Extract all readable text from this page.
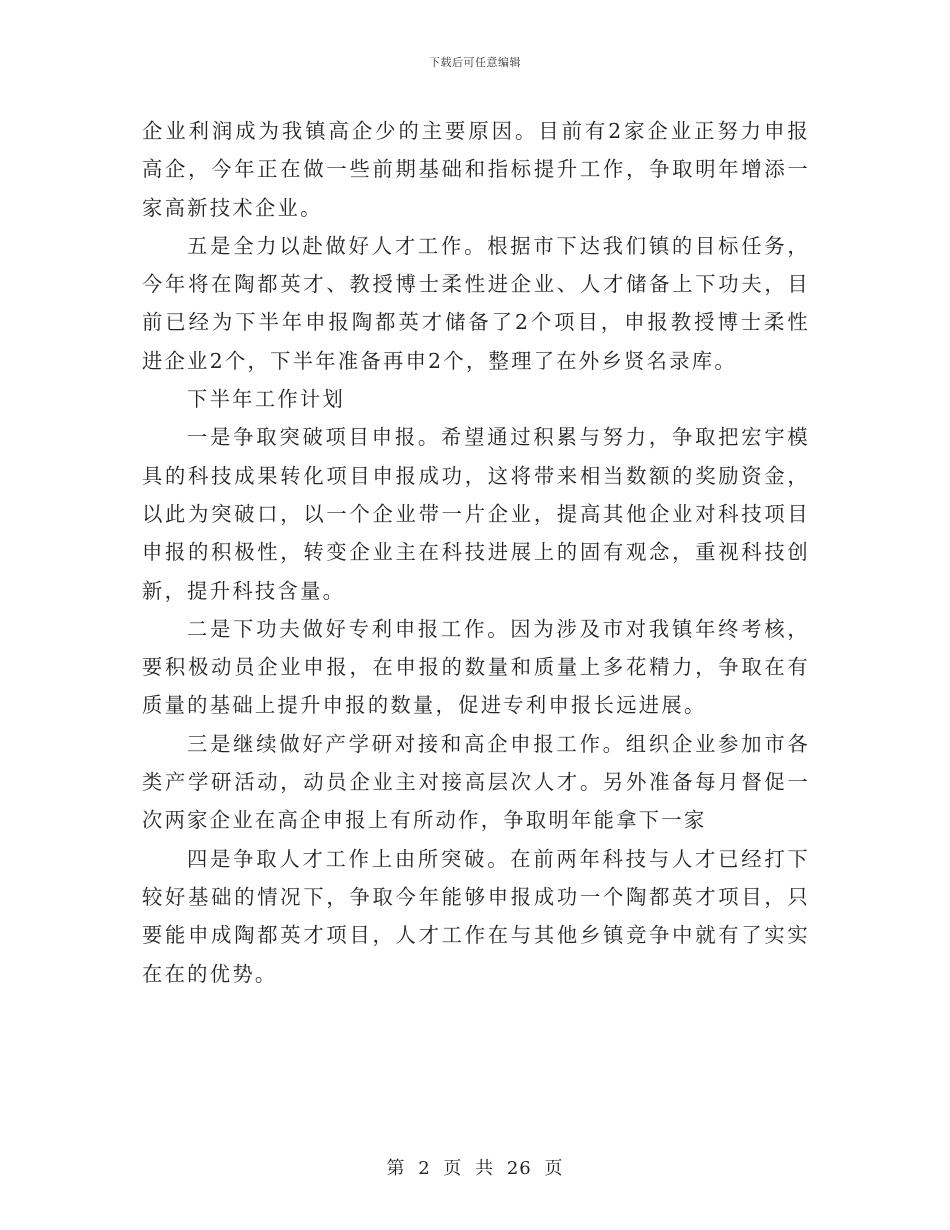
下载后可任意编辑

企业利润成为我镇高企少的主要原因。目前有2家企业正努力申报高企，今年正在做一些前期基础和指标提升工作，争取明年增添一家高新技术企业。

五是全力以赴做好人才工作。根据市下达我们镇的目标任务，今年将在陶都英才、教授博士柔性进企业、人才储备上下功夫，目前已经为下半年申报陶都英才储备了2个项目，申报教授博士柔性进企业2个，下半年准备再申2个，整理了在外乡贤名录库。

下半年工作计划

一是争取突破项目申报。希望通过积累与努力，争取把宏宇模具的科技成果转化项目申报成功，这将带来相当数额的奖励资金，以此为突破口，以一个企业带一片企业，提高其他企业对科技项目申报的积极性，转变企业主在科技进展上的固有观念，重视科技创新，提升科技含量。

二是下功夫做好专利申报工作。因为涉及市对我镇年终考核，要积极动员企业申报，在申报的数量和质量上多花精力，争取在有质量的基础上提升申报的数量，促进专利申报长远进展。

三是继续做好产学研对接和高企申报工作。组织企业参加市各类产学研活动，动员企业主对接高层次人才。另外准备每月督促一次两家企业在高企申报上有所动作，争取明年能拿下一家

四是争取人才工作上由所突破。在前两年科技与人才已经打下较好基础的情况下，争取今年能够申报成功一个陶都英才项目，只要能申成陶都英才项目，人才工作在与其他乡镇竞争中就有了实实在在的优势。

第 2 页 共 26 页
